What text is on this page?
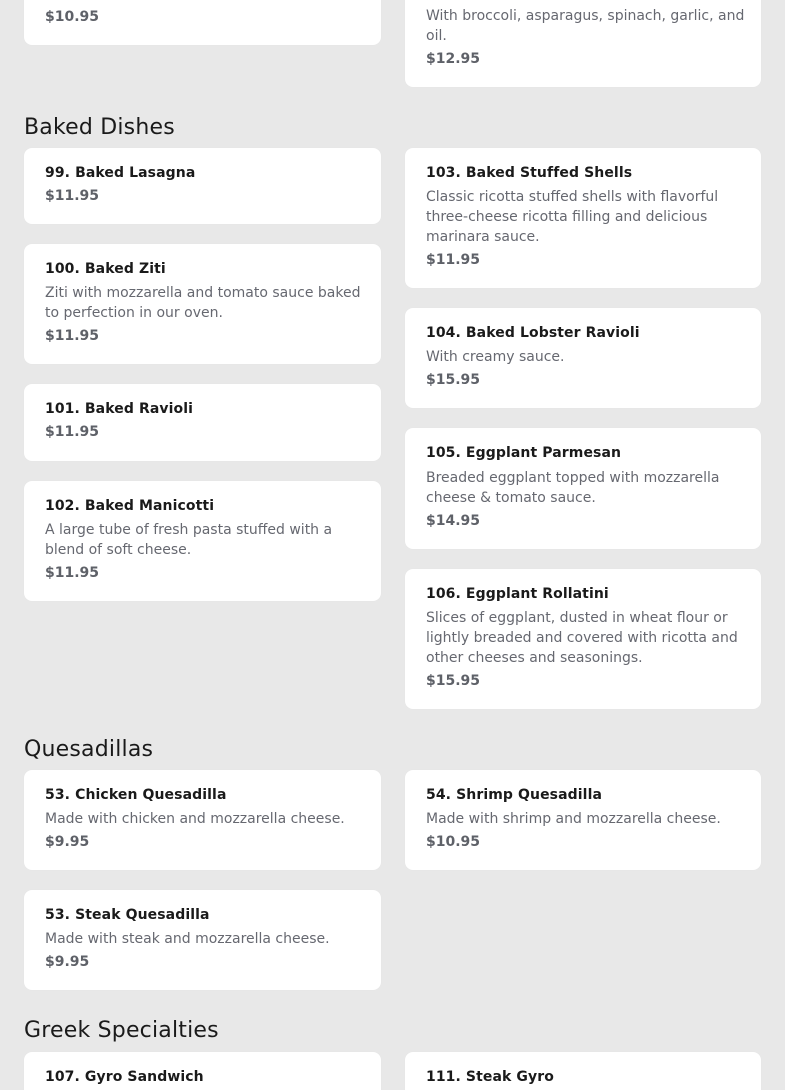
$10.95	With broccoli, asparagus, spinach, garlic, and oil.
$12.95
Baked Dishes
99. Baked Lasagna
$11.95
100. Baked Ziti
Ziti with mozzarella and tomato sauce baked to perfection in our oven.
$11.95
101. Baked Ravioli
$11.95
102. Baked Manicotti
A large tube of fresh pasta stuffed with a blend of soft cheese.
$11.95
103. Baked Stuffed Shells
Classic ricotta stuffed shells with flavorful three-cheese ricotta filling and delicious marinara sauce.
$11.95
104. Baked Lobster Ravioli
With creamy sauce.
$15.95
105. Eggplant Parmesan
Breaded eggplant topped with mozzarella cheese & tomato sauce.
$14.95
106. Eggplant Rollatini
Slices of eggplant, dusted in wheat flour or lightly breaded and covered with ricotta and other cheeses and seasonings.
$15.95
Quesadillas
53. Chicken Quesadilla
Made with chicken and mozzarella cheese.
$9.95
54. Shrimp Quesadilla
Made with shrimp and mozzarella cheese.
$10.95
53. Steak Quesadilla
Made with steak and mozzarella cheese.
$9.95
Greek Specialties
107. Gyro Sandwich	111. Steak Gyro
